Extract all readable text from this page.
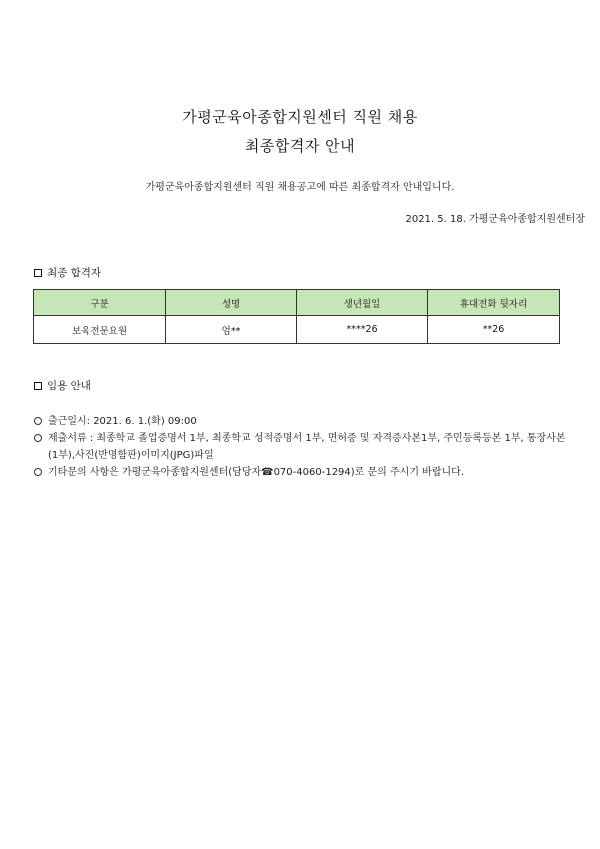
가평군육아종합지원센터 직원 채용
최종합격자 안내
가평군육아종합지원센터 직원 채용공고에 따른 최종합격자 안내입니다.
2021. 5. 18. 가평군육아종합지원센터장
최종 합격자
구분	성명	생년월일	휴대전화 뒷자리
보육전문요원	엄**	****26	**26
임용 안내
출근일시: 2021. 6. 1.(화) 09:00
제출서류 : 최종학교 졸업증명서 1부, 최종학교 성적증명서 1부, 면허증 및 자격증사본1부, 주민등록등본 1부, 통장사본(1부),사진(반명함판)이미지(JPG)파일
기타문의 사항은 가평군육아종합지원센터(담당자☎070-4060-1294)로 문의 주시기 바랍니다.
